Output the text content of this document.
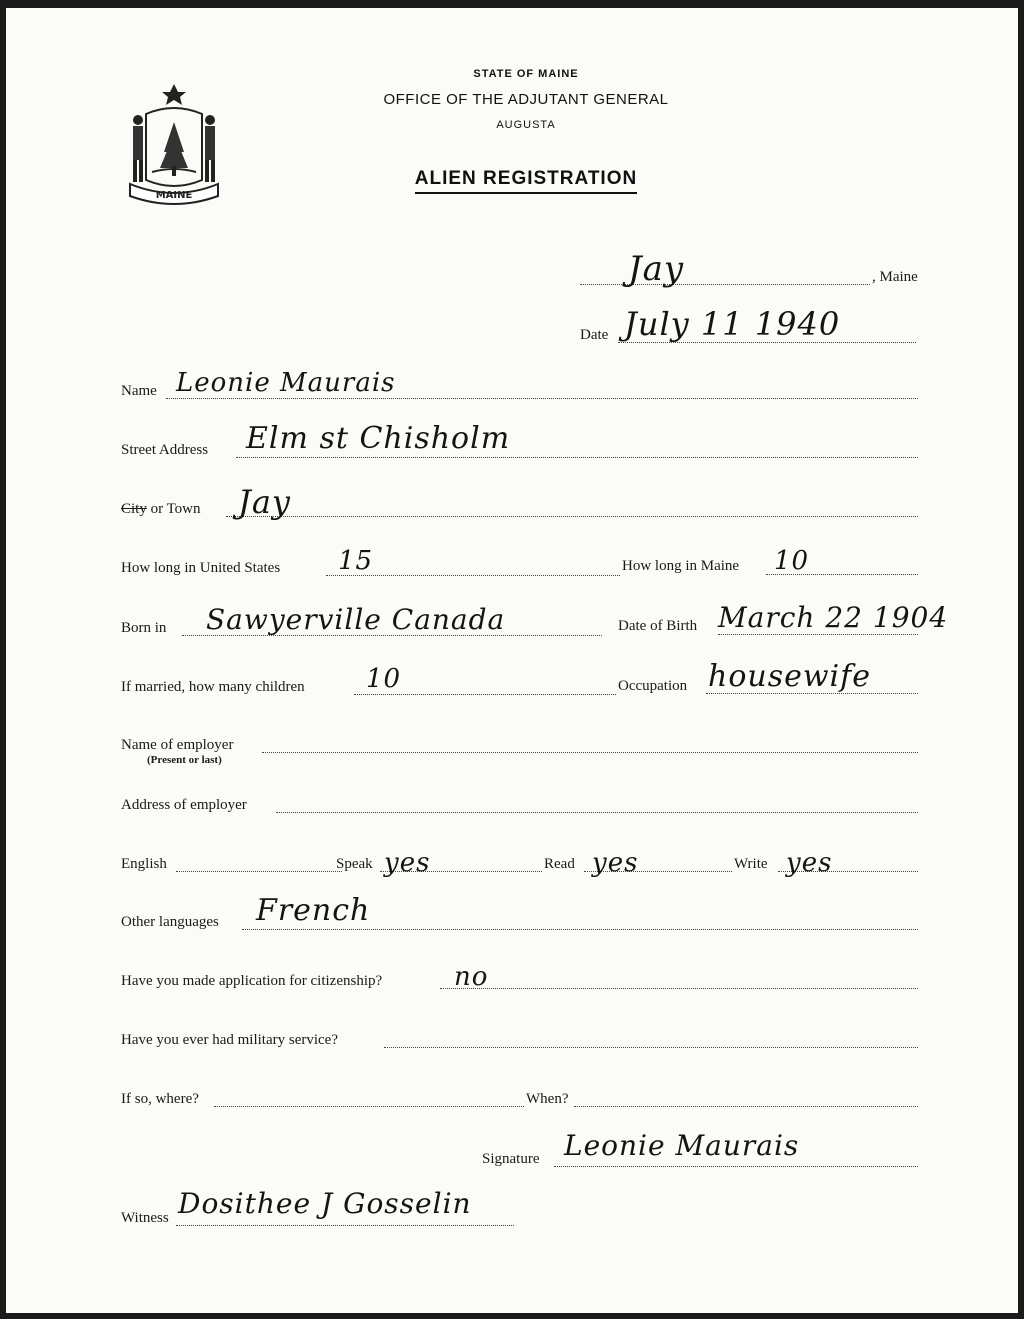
MAINE
STATE OF MAINE
OFFICE OF THE ADJUTANT GENERAL
AUGUSTA
ALIEN REGISTRATION
Jay	, Maine
Date July 11 1940
Name Leonie Maurais
Street Address Elm st Chisholm
City or Town Jay
How long in United States 15	How long in Maine 10
Born in Sawyerville Canada	Date of Birth March 22 1904
If married, how many children 10	Occupation housewife
Name of employer
(Present or last)
Address of employer
English	Speak yes	Read yes	Write yes
Other languages French
Have you made application for citizenship?	no
Have you ever had military service?
If so, where?	When?
Signature Leonie Maurais
Witness Dosithee J Gosselin
